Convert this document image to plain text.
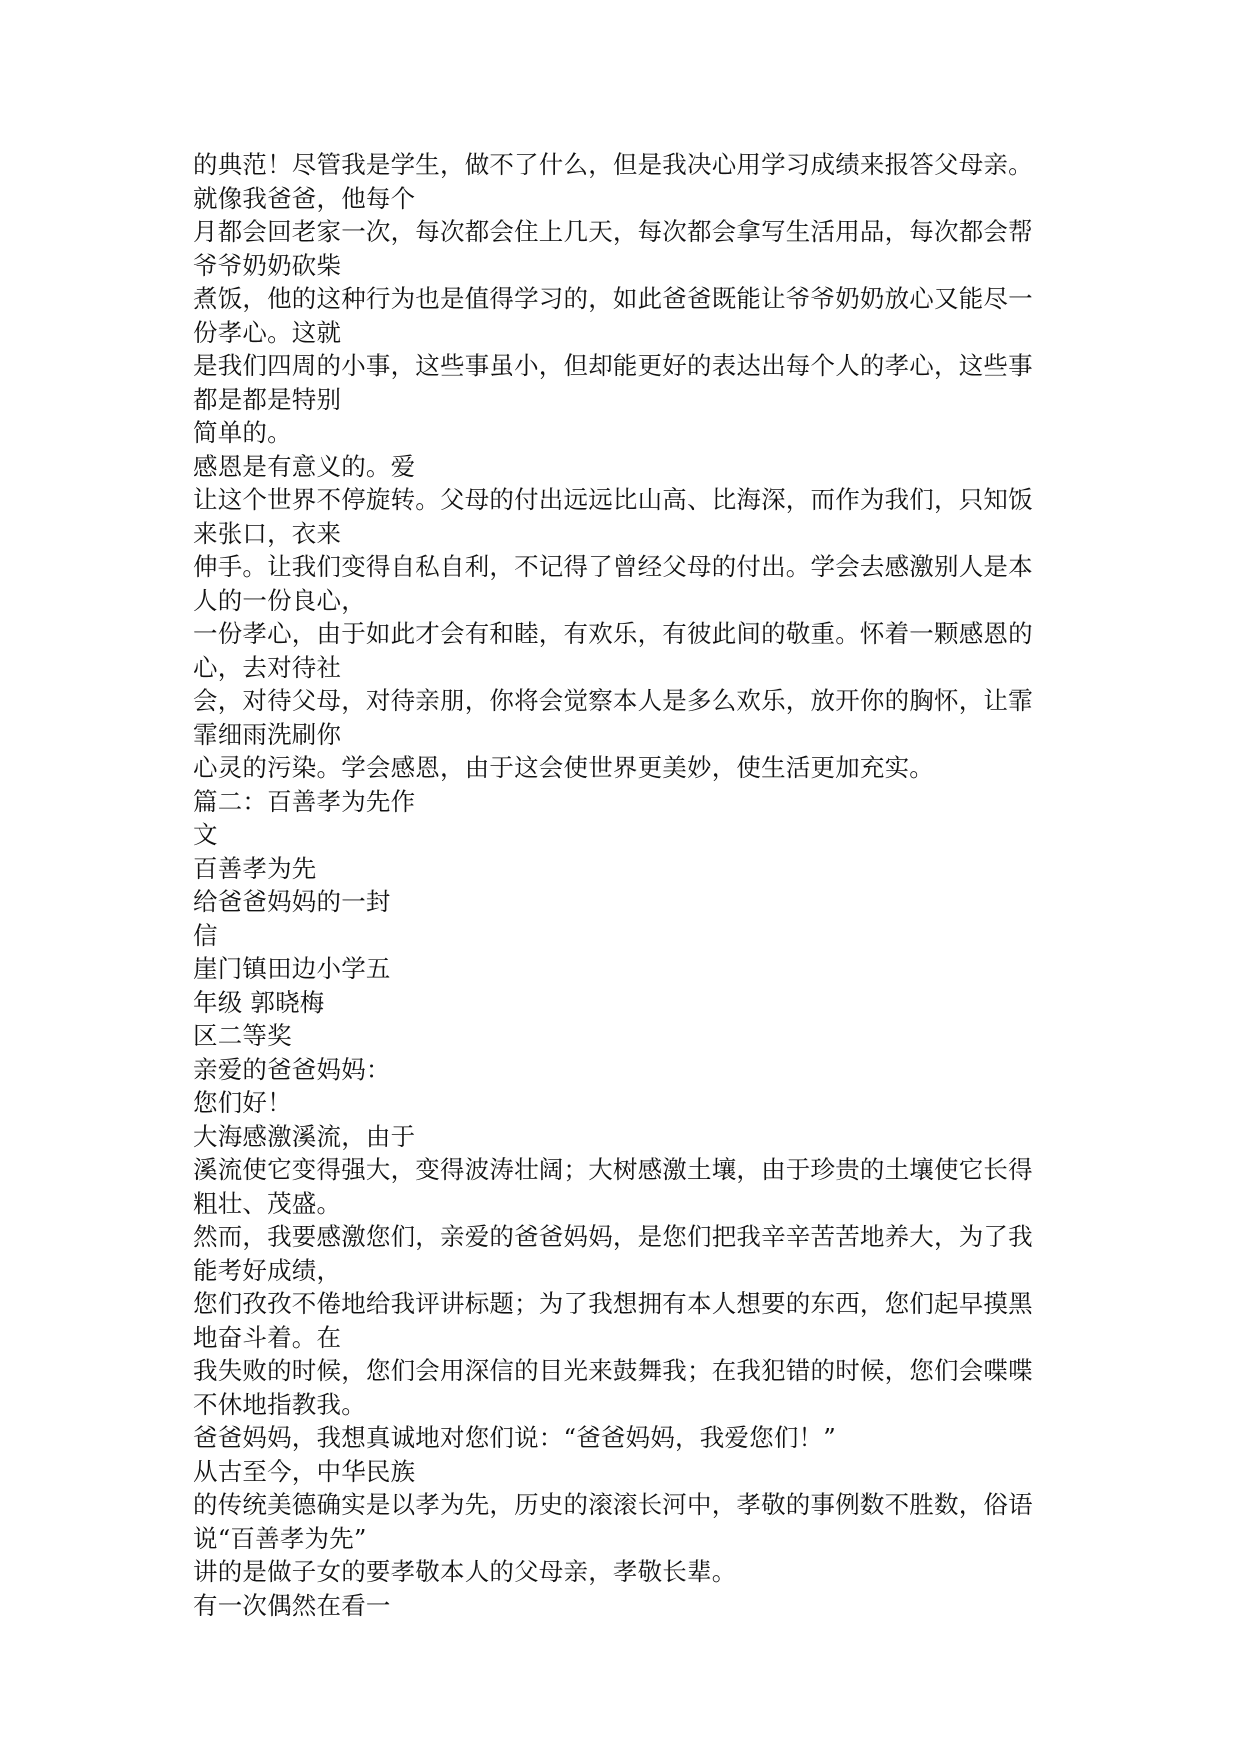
的典范！尽管我是学生，做不了什么，但是我决心用学习成绩来报答父母亲。
就像我爸爸，他每个
月都会回老家一次，每次都会住上几天，每次都会拿写生活用品，每次都会帮
爷爷奶奶砍柴
煮饭，他的这种行为也是值得学习的，如此爸爸既能让爷爷奶奶放心又能尽一
份孝心。这就
是我们四周的小事，这些事虽小，但却能更好的表达出每个人的孝心，这些事
都是都是特别
简单的。
感恩是有意义的。爱
让这个世界不停旋转。父母的付出远远比山高、比海深，而作为我们，只知饭
来张口，衣来
伸手。让我们变得自私自利，不记得了曾经父母的付出。学会去感激别人是本
人的一份良心，
一份孝心，由于如此才会有和睦，有欢乐，有彼此间的敬重。怀着一颗感恩的
心，去对待社
会，对待父母，对待亲朋，你将会觉察本人是多么欢乐，放开你的胸怀，让霏
霏细雨洗刷你
心灵的污染。学会感恩，由于这会使世界更美妙，使生活更加充实。
篇二：百善孝为先作
文
百善孝为先
给爸爸妈妈的一封
信
崖门镇田边小学五
年级 郭晓梅
区二等奖
亲爱的爸爸妈妈：
您们好！
大海感激溪流，由于
溪流使它变得强大，变得波涛壮阔；大树感激土壤，由于珍贵的土壤使它长得
粗壮、茂盛。
然而，我要感激您们，亲爱的爸爸妈妈，是您们把我辛辛苦苦地养大，为了我
能考好成绩，
您们孜孜不倦地给我评讲标题；为了我想拥有本人想要的东西，您们起早摸黑
地奋斗着。在
我失败的时候，您们会用深信的目光来鼓舞我；在我犯错的时候，您们会喋喋
不休地指教我。
爸爸妈妈，我想真诚地对您们说：“爸爸妈妈，我爱您们！”
从古至今，中华民族
的传统美德确实是以孝为先，历史的滚滚长河中，孝敬的事例数不胜数，俗语
说“百善孝为先”
讲的是做子女的要孝敬本人的父母亲，孝敬长辈。
有一次偶然在看一
